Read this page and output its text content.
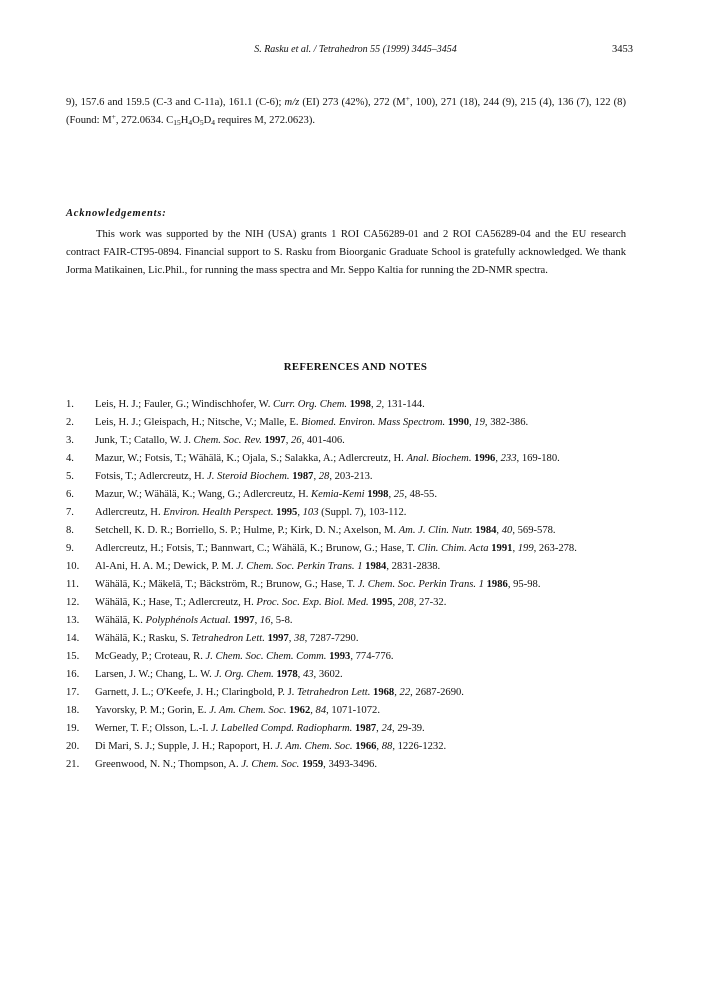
S. Rasku et al. / Tetrahedron 55 (1999) 3445–3454	3453
9), 157.6 and 159.5 (C-3 and C-11a), 161.1 (C-6); m/z (EI) 273 (42%), 272 (M+, 100), 271 (18), 244 (9), 215 (4), 136 (7), 122 (8) (Found: M+, 272.0634. $C_{15}H_4O_5D_4$ requires M, 272.0623).
Acknowledgements:
This work was supported by the NIH (USA) grants 1 ROI CA56289-01 and 2 ROI CA56289-04 and the EU research contract FAIR-CT95-0894. Financial support to S. Rasku from Bioorganic Graduate School is gratefully acknowledged. We thank Jorma Matikainen, Lic.Phil., for running the mass spectra and Mr. Seppo Kaltia for running the 2D-NMR spectra.
REFERENCES AND NOTES
1.	Leis, H. J.; Fauler, G.; Windischhofer, W. Curr. Org. Chem. 1998, 2, 131-144.
2.	Leis, H. J.; Gleispach, H.; Nitsche, V.; Malle, E. Biomed. Environ. Mass Spectrom. 1990, 19, 382-386.
3.	Junk, T.; Catallo, W. J. Chem. Soc. Rev. 1997, 26, 401-406.
4.	Mazur, W.; Fotsis, T.; Wähälä, K.; Ojala, S.; Salakka, A.; Adlercreutz, H. Anal. Biochem. 1996, 233, 169-180.
5.	Fotsis, T.; Adlercreutz, H. J. Steroid Biochem. 1987, 28, 203-213.
6.	Mazur, W.; Wähälä, K.; Wang, G.; Adlercreutz, H. Kemia-Kemi 1998, 25, 48-55.
7.	Adlercreutz, H. Environ. Health Perspect. 1995, 103 (Suppl. 7), 103-112.
8.	Setchell, K. D. R.; Borriello, S. P.; Hulme, P.; Kirk, D. N.; Axelson, M. Am. J. Clin. Nutr. 1984, 40, 569-578.
9.	Adlercreutz, H.; Fotsis, T.; Bannwart, C.; Wähälä, K.; Brunow, G.; Hase, T. Clin. Chim. Acta 1991, 199, 263-278.
10.	Al-Ani, H. A. M.; Dewick, P. M. J. Chem. Soc. Perkin Trans. 1 1984, 2831-2838.
11.	Wähälä, K.; Mäkelä, T.; Bäckström, R.; Brunow, G.; Hase, T. J. Chem. Soc. Perkin Trans. 1 1986, 95-98.
12.	Wähälä, K.; Hase, T.; Adlercreutz, H. Proc. Soc. Exp. Biol. Med. 1995, 208, 27-32.
13.	Wähälä, K. Polyphénols Actual. 1997, 16, 5-8.
14.	Wähälä, K.; Rasku, S. Tetrahedron Lett. 1997, 38, 7287-7290.
15.	McGeady, P.; Croteau, R. J. Chem. Soc. Chem. Comm. 1993, 774-776.
16.	Larsen, J. W.; Chang, L. W. J. Org. Chem. 1978, 43, 3602.
17.	Garnett, J. L.; O'Keefe, J. H.; Claringbold, P. J. Tetrahedron Lett. 1968, 22, 2687-2690.
18.	Yavorsky, P. M.; Gorin, E. J. Am. Chem. Soc. 1962, 84, 1071-1072.
19.	Werner, T. F.; Olsson, L.-I. J. Labelled Compd. Radiopharm. 1987, 24, 29-39.
20.	Di Mari, S. J.; Supple, J. H.; Rapoport, H. J. Am. Chem. Soc. 1966, 88, 1226-1232.
21.	Greenwood, N. N.; Thompson, A. J. Chem. Soc. 1959, 3493-3496.
